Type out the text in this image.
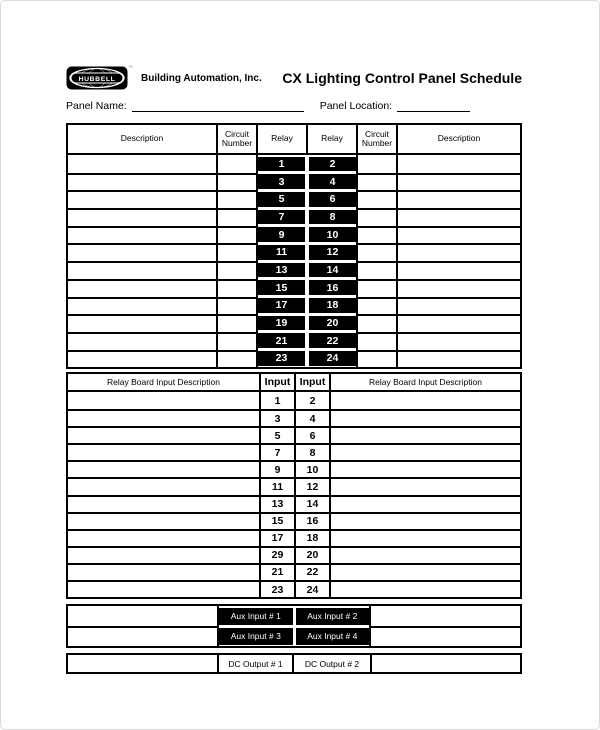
HUBBELL
™
Building Automation, Inc. CX Lighting Control Panel Schedule
Panel Name:	Panel Location:
Description	Circuit Number	Relay	Relay	Circuit Number	Description
1	2
3	4
5	6
7	8
9	10
11	12
13	14
15	16
17	18
19	20
21	22
23	24
Relay Board Input Description	Input Input	Relay Board Input Description
1	2
3	4
5	6
7	8
9	10
11	12
13	14
15	16
17	18
29	20
21	22
23	24
Aux Input # 1	Aux Input # 2
Aux Input # 3	Aux Input # 4
DC Output # 1	DC Output # 2
